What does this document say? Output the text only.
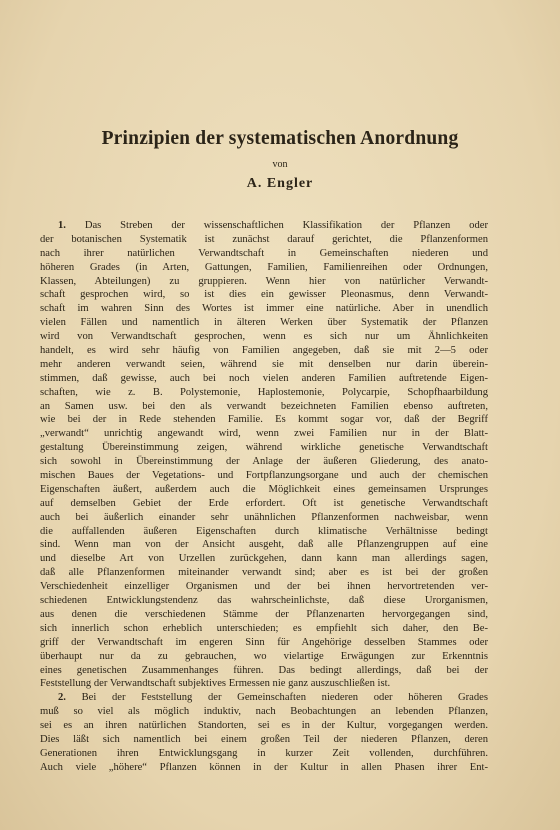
Prinzipien der systematischen Anordnung
von
A. Engler
1. Das Streben der wissenschaftlichen Klassifikation der Pflanzen oder
der botanischen Systematik ist zunächst darauf gerichtet, die Pflanzenformen
nach ihrer natürlichen Verwandtschaft in Gemeinschaften niederen und
höheren Grades (in Arten, Gattungen, Familien, Familienreihen oder Ordnungen,
Klassen, Abteilungen) zu gruppieren. Wenn hier von natürlicher Verwandt-
schaft gesprochen wird, so ist dies ein gewisser Pleonasmus, denn Verwandt-
schaft im wahren Sinn des Wortes ist immer eine natürliche. Aber in unendlich
vielen Fällen und namentlich in älteren Werken über Systematik der Pflanzen
wird von Verwandtschaft gesprochen, wenn es sich nur um Ähnlichkeiten
handelt, es wird sehr häufig von Familien angegeben, daß sie mit 2—5 oder
mehr anderen verwandt seien, während sie mit denselben nur darin überein-
stimmen, daß gewisse, auch bei noch vielen anderen Familien auftretende Eigen-
schaften, wie z. B. Polystemonie, Haplostemonie, Polycarpie, Schopfhaarbildung
an Samen usw. bei den als verwandt bezeichneten Familien ebenso auftreten,
wie bei der in Rede stehenden Familie. Es kommt sogar vor, daß der Begriff
„verwandt“ unrichtig angewandt wird, wenn zwei Familien nur in der Blatt-
gestaltung Übereinstimmung zeigen, während wirkliche genetische Verwandtschaft
sich sowohl in Übereinstimmung der Anlage der äußeren Gliederung, des anato-
mischen Baues der Vegetations- und Fortpflanzungsorgane und auch der chemischen
Eigenschaften äußert, außerdem auch die Möglichkeit eines gemeinsamen Ursprunges
auf demselben Gebiet der Erde erfordert. Oft ist genetische Verwandtschaft
auch bei äußerlich einander sehr unähnlichen Pflanzenformen nachweisbar, wenn
die auffallenden äußeren Eigenschaften durch klimatische Verhältnisse bedingt
sind. Wenn man von der Ansicht ausgeht, daß alle Pflanzengruppen auf eine
und dieselbe Art von Urzellen zurückgehen, dann kann man allerdings sagen,
daß alle Pflanzenformen miteinander verwandt sind; aber es ist bei der großen
Verschiedenheit einzelliger Organismen und der bei ihnen hervortretenden ver-
schiedenen Entwicklungstendenz das wahrscheinlichste, daß diese Urorganismen,
aus denen die verschiedenen Stämme der Pflanzenarten hervorgegangen sind,
sich innerlich schon erheblich unterschieden; es empfiehlt sich daher, den Be-
griff der Verwandtschaft im engeren Sinn für Angehörige desselben Stammes oder
überhaupt nur da zu gebrauchen, wo vielartige Erwägungen zur Erkenntnis
eines genetischen Zusammenhanges führen. Das bedingt allerdings, daß bei der
Feststellung der Verwandtschaft subjektives Ermessen nie ganz auszuschließen ist.
2. Bei der Feststellung der Gemeinschaften niederen oder höheren Grades
muß so viel als möglich induktiv, nach Beobachtungen an lebenden Pflanzen,
sei es an ihren natürlichen Standorten, sei es in der Kultur, vorgegangen werden.
Dies läßt sich namentlich bei einem großen Teil der niederen Pflanzen, deren
Generationen ihren Entwicklungsgang in kurzer Zeit vollenden, durchführen.
Auch viele „höhere“ Pflanzen können in der Kultur in allen Phasen ihrer Ent-
